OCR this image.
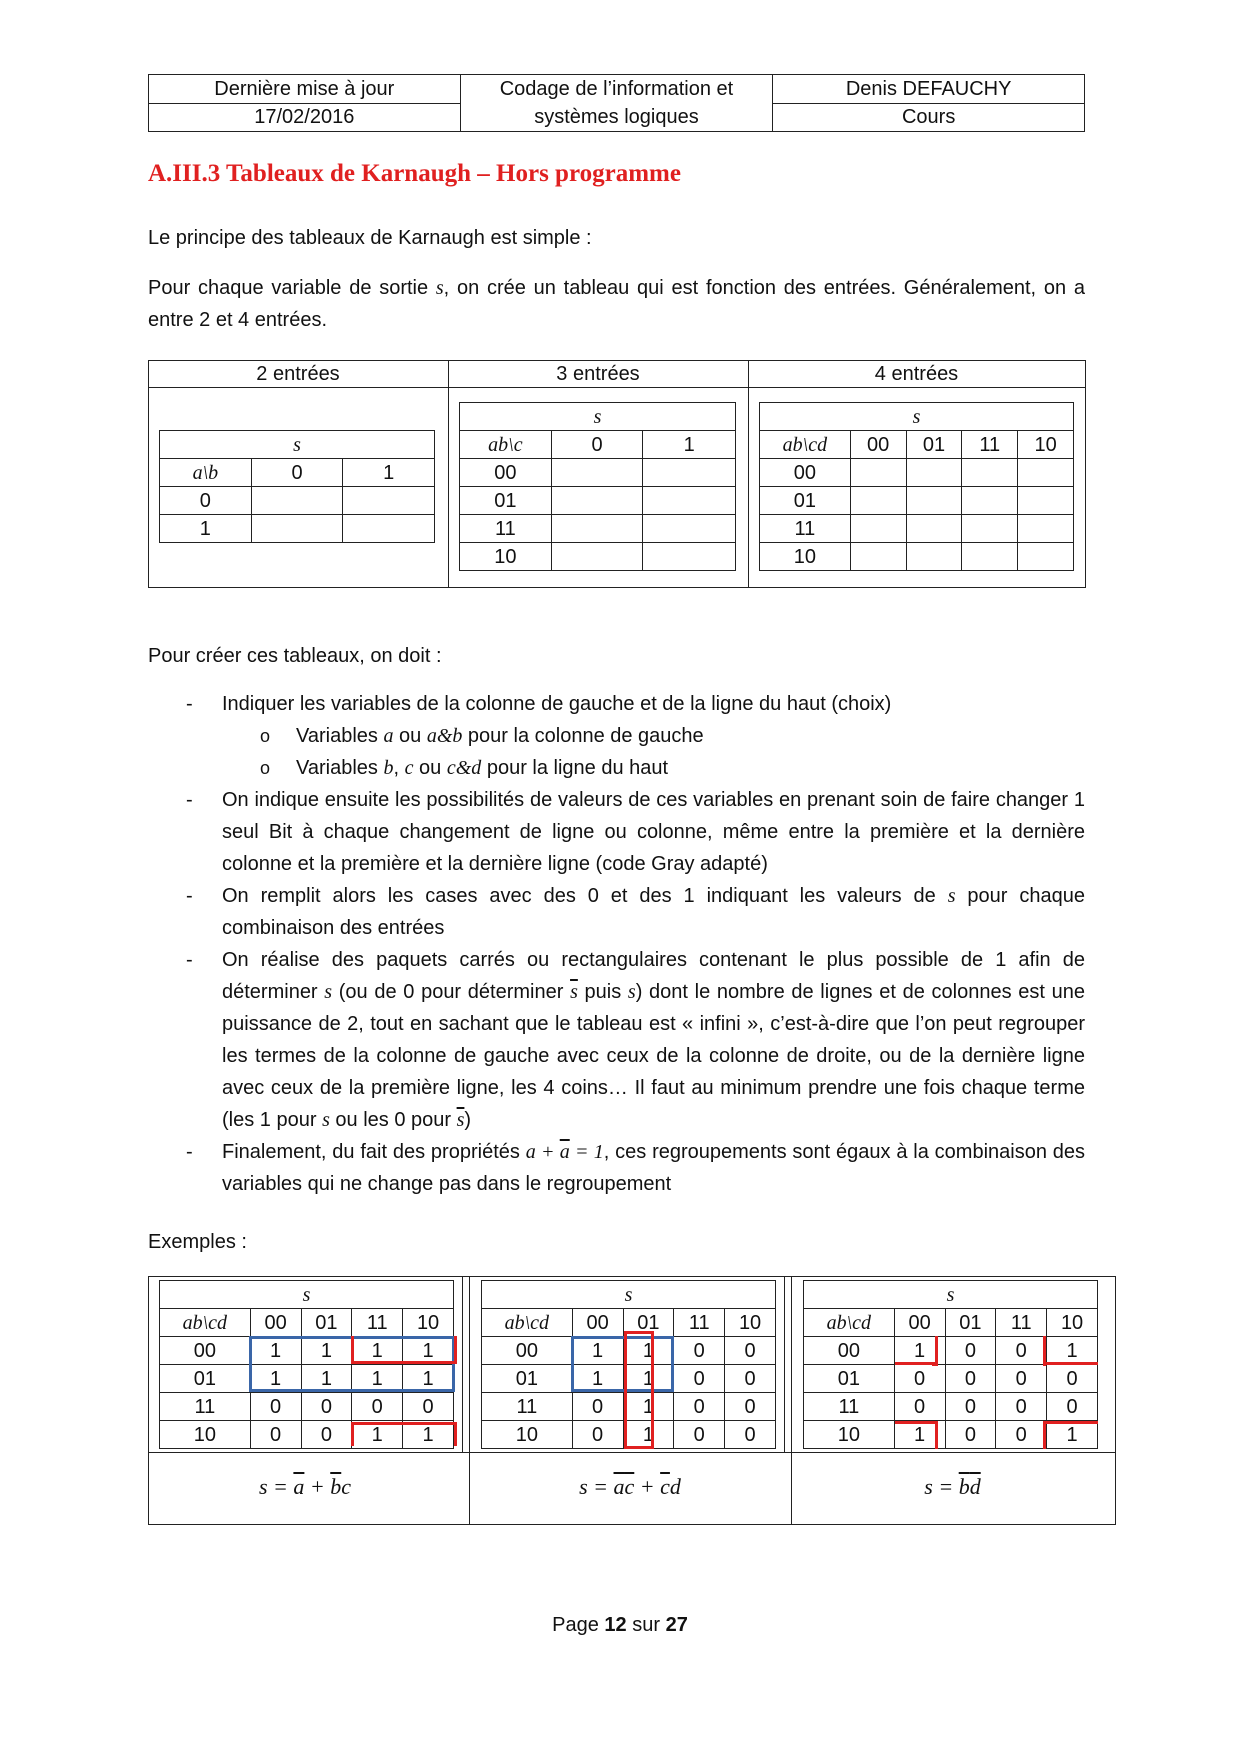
Dernière mise à jour	Codage de l’information et systèmes logiques	Denis DEFAUCHY
17/02/2016		Cours
A.III.3 Tableaux de Karnaugh – Hors programme

Le principe des tableaux de Karnaugh est simple :

Pour chaque variable de sortie s, on crée un tableau qui est fonction des entrées. Généralement, on a entre 2 et 4 entrées.

2 entrées	3 entrées	4 entrées
s		
a\b	0	1
0		
1		
s		
ab\c	0	1
00		
01		
11		
10		
s				
ab\cd	00	01	11	10
00				
01				
11				
10				

Pour créer ces tableaux, on doit :

- Indiquer les variables de la colonne de gauche et de la ligne du haut (choix)
o Variables a ou a&b pour la colonne de gauche
o Variables b, c ou c&d pour la ligne du haut
- On indique ensuite les possibilités de valeurs de ces variables en prenant soin de faire changer 1 seul Bit à chaque changement de ligne ou colonne, même entre la première et la dernière colonne et la première et la dernière ligne (code Gray adapté)
- On remplit alors les cases avec des 0 et des 1 indiquant les valeurs de s pour chaque combinaison des entrées
- On réalise des paquets carrés ou rectangulaires contenant le plus possible de 1 afin de déterminer s (ou de 0 pour déterminer $\overline{s}$ puis s) dont le nombre de lignes et de colonnes est une puissance de 2, tout en sachant que le tableau est « infini », c’est-à-dire que l’on peut regrouper les termes de la colonne de gauche avec ceux de la colonne de droite, ou de la dernière ligne avec ceux de la première ligne, les 4 coins… Il faut au minimum prendre une fois chaque terme (les 1 pour s ou les 0 pour $\overline{s}$)
- Finalement, du fait des propriétés $a + \overline{a} = 1$, ces regroupements sont égaux à la combinaison des variables qui ne change pas dans le regroupement

Exemples :

s				
ab\cd	00	01	11	10
00	1	1	1	1
01	1	1	1	1
11	0	0	0	0
10	0	0	1	1
s				
ab\cd	00	01	11	10
00	1	1	0	0
01	1	1	0	0
11	0	1	0	0
10	0	1	0	0
s				
ab\cd	00	01	11	10
00	1	0	0	1
01	0	0	0	0
11	0	0	0	0
10	1	0	0	1
$s = \overline{a} + \overline{b}c$	$s = \overline{a}\overline{c} + \overline{c}d$	$s = \overline{b}\overline{d}$
Page 12 sur 27
